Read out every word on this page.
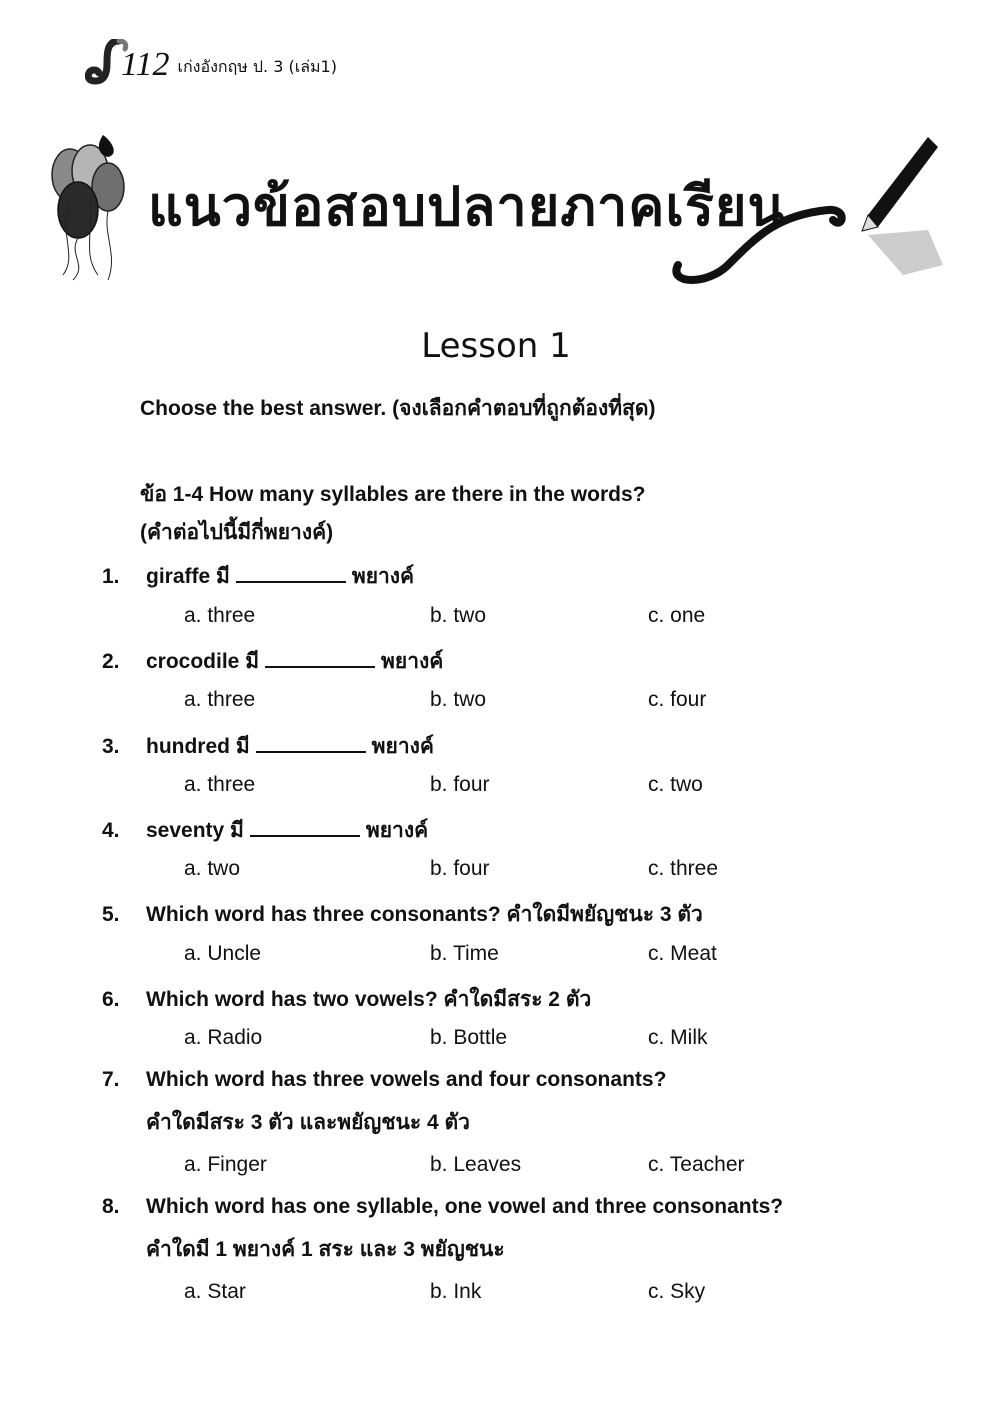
112 เก่งอังกฤษ ป. 3 (เล่ม1)
แนวข้อสอบปลายภาคเรียน
Lesson 1
Choose the best answer. (จงเลือกคำตอบที่ถูกต้องที่สุด)
ข้อ 1-4 How many syllables are there in the words?
(คำต่อไปนี้มีกี่พยางค์)
1. giraffe มี	พยางค์
a. three	b. two	c. one
2. crocodile มี	พยางค์
a. three	b. two	c. four
3. hundred มี	พยางค์
a. three	b. four	c. two
4. seventy มี	พยางค์
a. two	b. four	c. three
5. Which word has three consonants? คำใดมีพยัญชนะ 3 ตัว
a. Uncle	b. Time	c. Meat
6. Which word has two vowels? คำใดมีสระ 2 ตัว
a. Radio	b. Bottle	c. Milk
7. Which word has three vowels and four consonants?
คำใดมีสระ 3 ตัว และพยัญชนะ 4 ตัว
a. Finger	b. Leaves	c. Teacher
8. Which word has one syllable, one vowel and three consonants?
คำใดมี 1 พยางค์ 1 สระ และ 3 พยัญชนะ
a. Star	b. Ink	c. Sky
